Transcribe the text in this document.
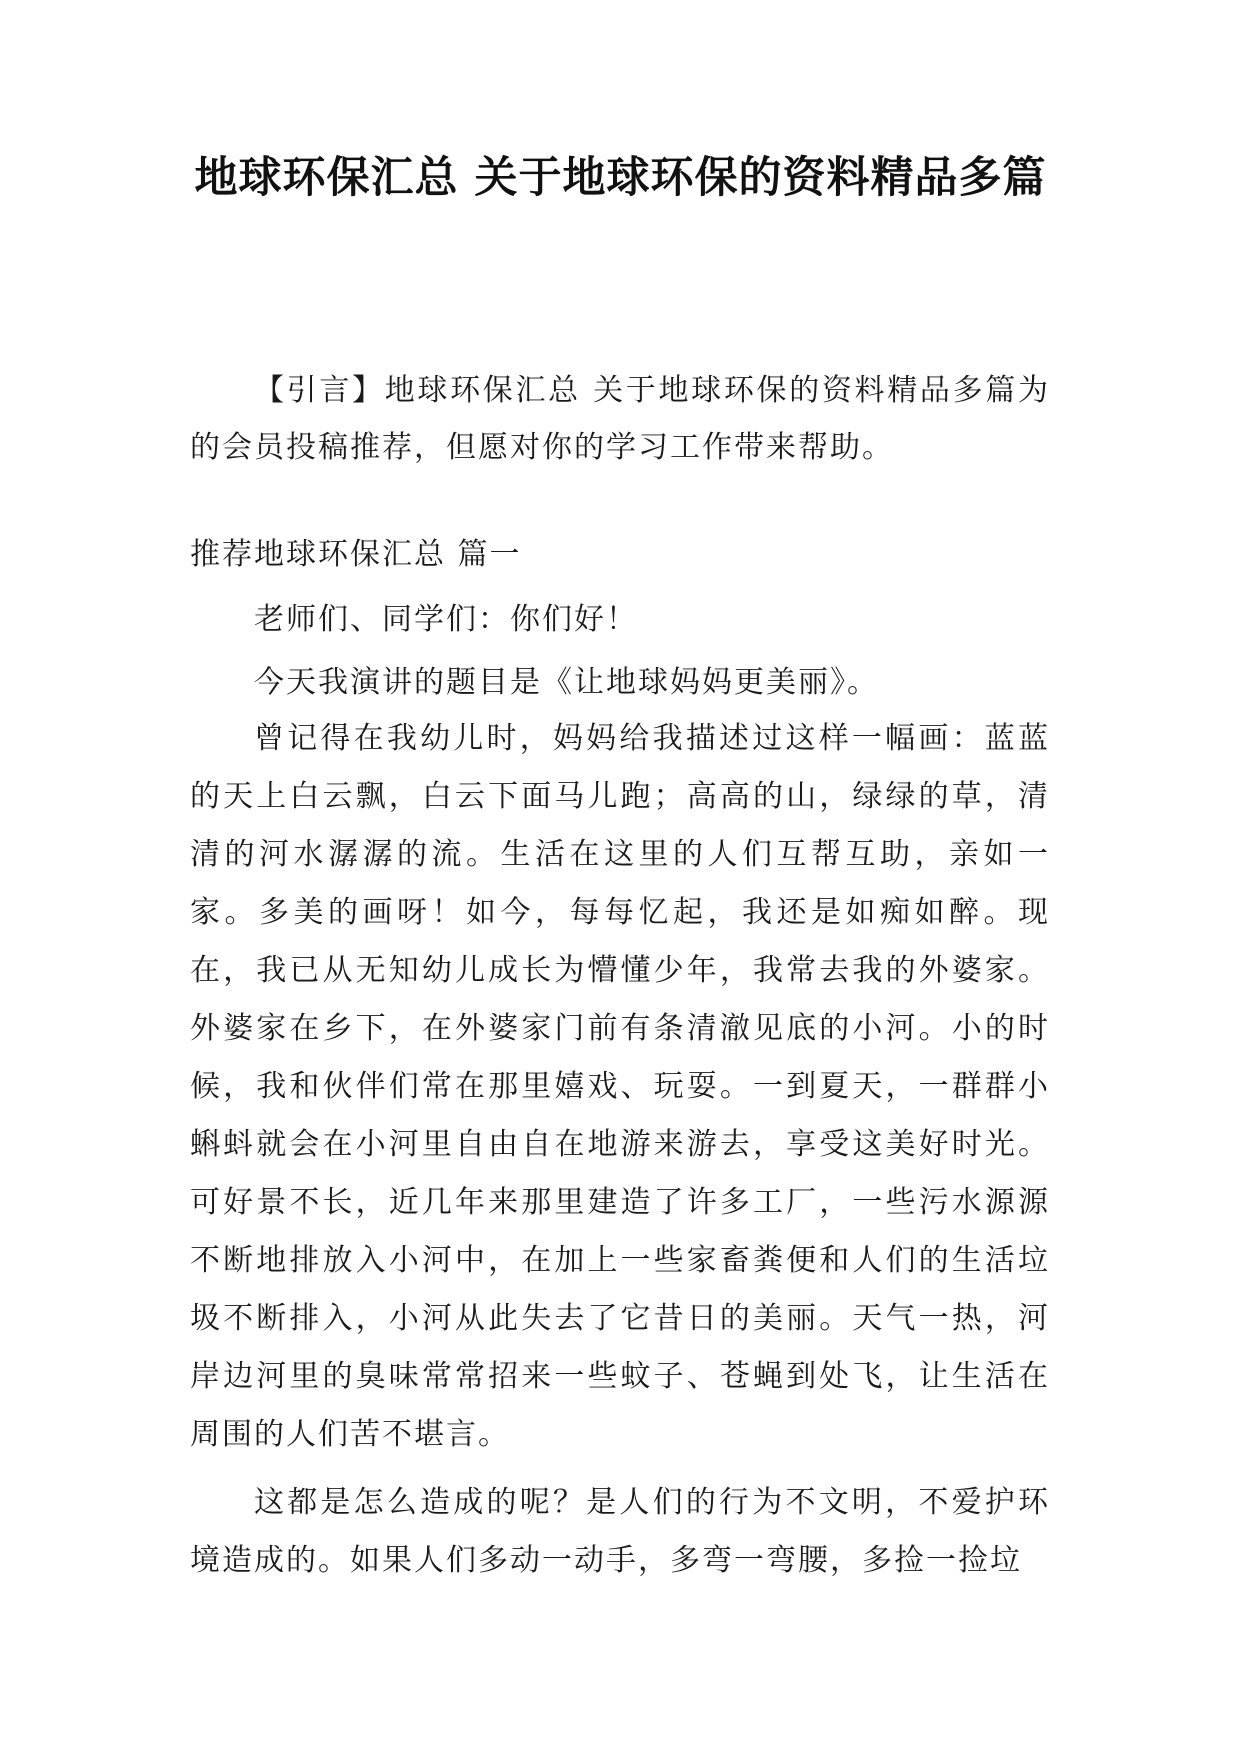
地球环保汇总 关于地球环保的资料精品多篇

【引言】地球环保汇总 关于地球环保的资料精品多篇为的会员投稿推荐，但愿对你的学习工作带来帮助。

推荐地球环保汇总 篇一

老师们、同学们：你们好！

今天我演讲的题目是《让地球妈妈更美丽》。

曾记得在我幼儿时，妈妈给我描述过这样一幅画：蓝蓝的天上白云飘，白云下面马儿跑；高高的山，绿绿的草，清清的河水潺潺的流。生活在这里的人们互帮互助，亲如一家。多美的画呀！如今，每每忆起，我还是如痴如醉。现在，我已从无知幼儿成长为懵懂少年，我常去我的外婆家。外婆家在乡下，在外婆家门前有条清澈见底的小河。小的时候，我和伙伴们常在那里嬉戏、玩耍。一到夏天，一群群小蝌蚪就会在小河里自由自在地游来游去，享受这美好时光。可好景不长，近几年来那里建造了许多工厂，一些污水源源不断地排放入小河中，在加上一些家畜粪便和人们的生活垃圾不断排入，小河从此失去了它昔日的美丽。天气一热，河岸边河里的臭味常常招来一些蚊子、苍蝇到处飞，让生活在周围的人们苦不堪言。

这都是怎么造成的呢？是人们的行为不文明，不爱护环境造成的。如果人们多动一动手，多弯一弯腰，多捡一捡垃
